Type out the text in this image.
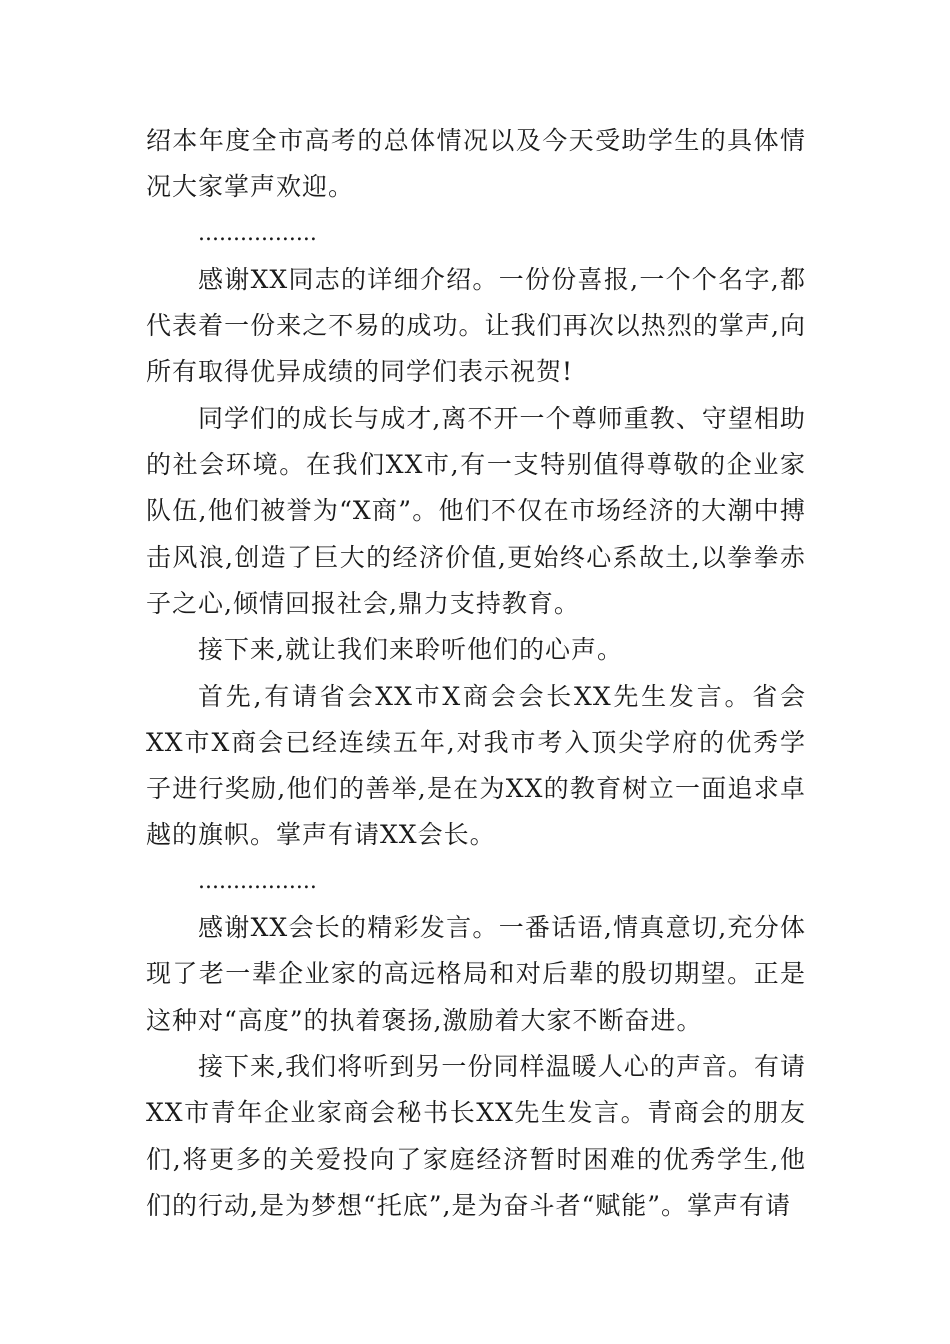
绍本年度全市高考的总体情况以及今天受助学生的具体情况大家掌声欢迎。

.................

感谢XX同志的详细介绍。一份份喜报,一个个名字,都代表着一份来之不易的成功。让我们再次以热烈的掌声,向所有取得优异成绩的同学们表示祝贺!

同学们的成长与成才,离不开一个尊师重教、守望相助的社会环境。在我们XX市,有一支特别值得尊敬的企业家队伍,他们被誉为“X商”。他们不仅在市场经济的大潮中搏击风浪,创造了巨大的经济价值,更始终心系故土,以拳拳赤子之心,倾情回报社会,鼎力支持教育。

接下来,就让我们来聆听他们的心声。

首先,有请省会XX市X商会会长XX先生发言。省会XX市X商会已经连续五年,对我市考入顶尖学府的优秀学子进行奖励,他们的善举,是在为XX的教育树立一面追求卓越的旗帜。掌声有请XX会长。

.................

感谢XX会长的精彩发言。一番话语,情真意切,充分体现了老一辈企业家的高远格局和对后辈的殷切期望。正是这种对“高度”的执着褒扬,激励着大家不断奋进。

接下来,我们将听到另一份同样温暖人心的声音。有请XX市青年企业家商会秘书长XX先生发言。青商会的朋友们,将更多的关爱投向了家庭经济暂时困难的优秀学生,他们的行动,是为梦想“托底”,是为奋斗者“赋能”。掌声有请
